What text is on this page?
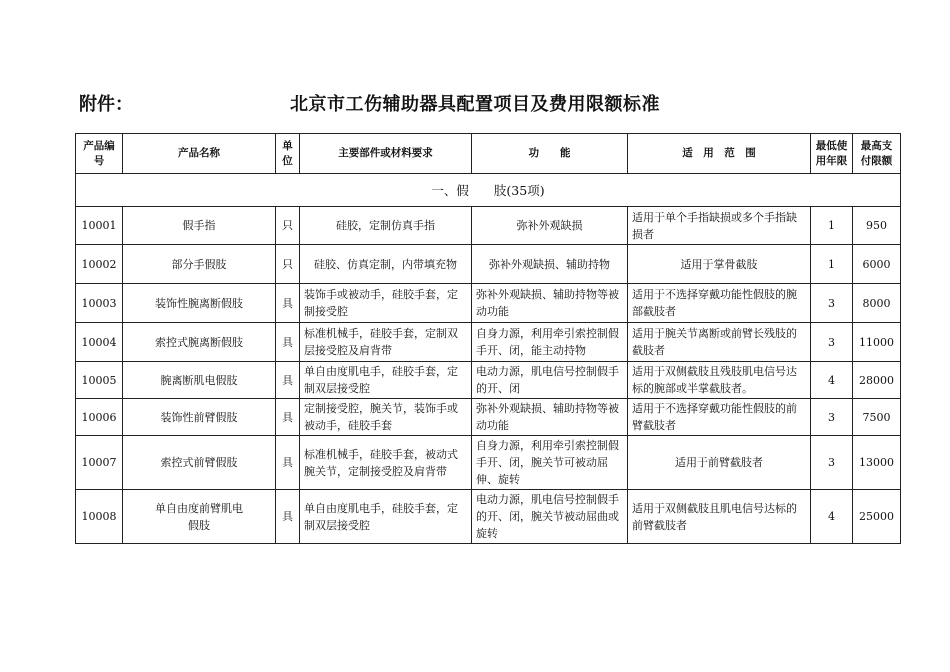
附件：	北京市工伤辅助器具配置项目及费用限额标准
产品编号	产品名称	单位	主要部件或材料要求	功　　能	适　用　范　围	最低使用年限	最高支付限额
一、假　　肢(35项)							
10001	假手指	只	硅胶，定制仿真手指	弥补外观缺损	适用于单个手指缺损或多个手指缺损者	1	950
10002	部分手假肢	只	硅胶、仿真定制，内带填充物	弥补外观缺损、辅助持物	适用于掌骨截肢	1	6000
10003	装饰性腕离断假肢	具	装饰手或被动手，硅胶手套，定制接受腔	弥补外观缺损、辅助持物等被动功能	适用于不选择穿戴功能性假肢的腕部截肢者	3	8000
10004	索控式腕离断假肢	具	标准机械手，硅胶手套，定制双层接受腔及肩背带	自身力源，利用牵引索控制假手开、闭，能主动持物	适用于腕关节离断或前臂长残肢的截肢者	3	11000
10005	腕离断肌电假肢	具	单自由度肌电手，硅胶手套，定制双层接受腔	电动力源，肌电信号控制假手的开、闭	适用于双侧截肢且残肢肌电信号达标的腕部或半掌截肢者。	4	28000
10006	装饰性前臂假肢	具	定制接受腔，腕关节，装饰手或被动手，硅胶手套	弥补外观缺损、辅助持物等被动功能	适用于不选择穿戴功能性假肢的前臂截肢者	3	7500
10007	索控式前臂假肢	具	标准机械手，硅胶手套，被动式腕关节，定制接受腔及肩背带	自身力源，利用牵引索控制假手开、闭，腕关节可被动屈伸、旋转	适用于前臂截肢者	3	13000
10008	单自由度前臂肌电假肢	具	单自由度肌电手，硅胶手套，定制双层接受腔	电动力源，肌电信号控制假手的开、闭，腕关节被动屈曲或旋转	适用于双侧截肢且肌电信号达标的前臂截肢者	4	25000
